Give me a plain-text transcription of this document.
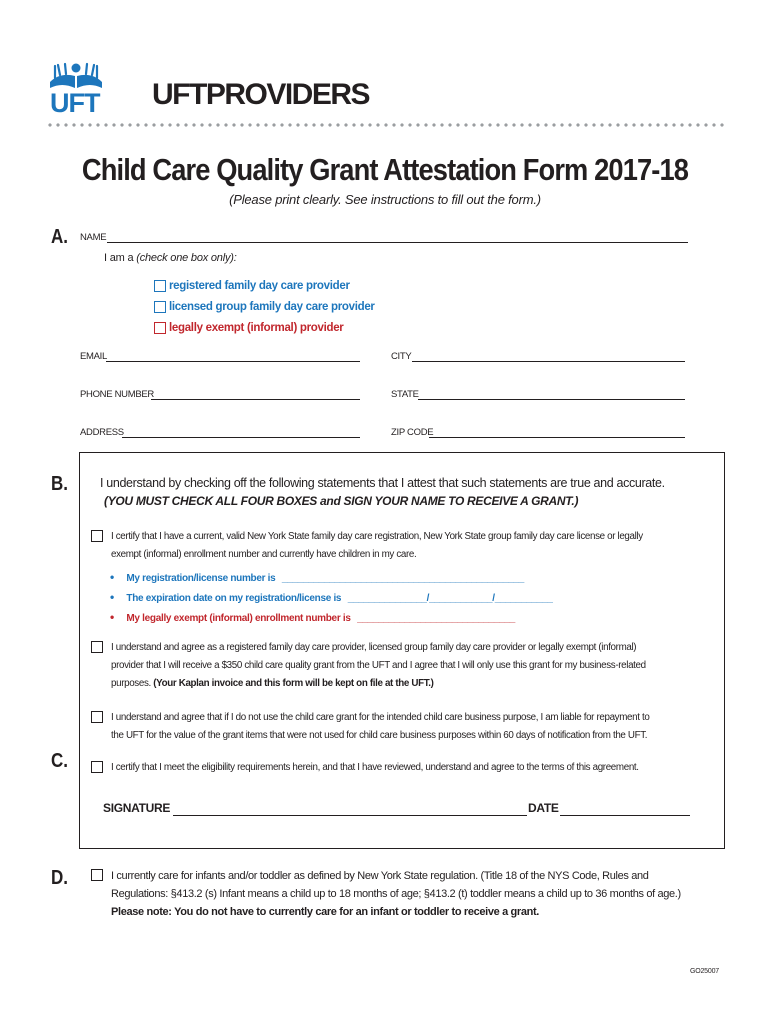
UFT UFTPROVIDERS
Child Care Quality Grant Attestation Form 2017-18
(Please print clearly. See instructions to fill out the form.)
A. NAME
I am a (check one box only):
registered family day care provider
licensed group family day care provider
legally exempt (informal) provider
EMAIL	CITY
PHONE NUMBER	STATE
ADDRESS	ZIP CODE
B.	I understand by checking off the following statements that I attest that such statements are true and accurate.
(YOU MUST CHECK ALL FOUR BOXES and SIGN YOUR NAME TO RECEIVE A GRANT.)
I certify that I have a current, valid New York State family day care registration, New York State group family day care license or legally
exempt (informal) enrollment number and currently have children in my care.
• My registration/license number is ______________________________________________
• The expiration date on my registration/license is _______________/____________/___________
• My legally exempt (informal) enrollment number is ______________________________
I understand and agree as a registered family day care provider, licensed group family day care provider or legally exempt (informal)
provider that I will receive a $350 child care quality grant from the UFT and I agree that I will only use this grant for my business-related
purposes. (Your Kaplan invoice and this form will be kept on file at the UFT.)
I understand and agree that if I do not use the child care grant for the intended child care business purpose, I am liable for repayment to
the UFT for the value of the grant items that were not used for child care business purposes within 60 days of notification from the UFT.
C.	I certify that I meet the eligibility requirements herein, and that I have reviewed, understand and agree to the terms of this agreement.
SIGNATURE	DATE
D.	I currently care for infants and/or toddler as defined by New York State regulation. (Title 18 of the NYS Code, Rules and
Regulations: §413.2 (s) Infant means a child up to 18 months of age; §413.2 (t) toddler means a child up to 36 months of age.)
Please note: You do not have to currently care for an infant or toddler to receive a grant.
GO25007
